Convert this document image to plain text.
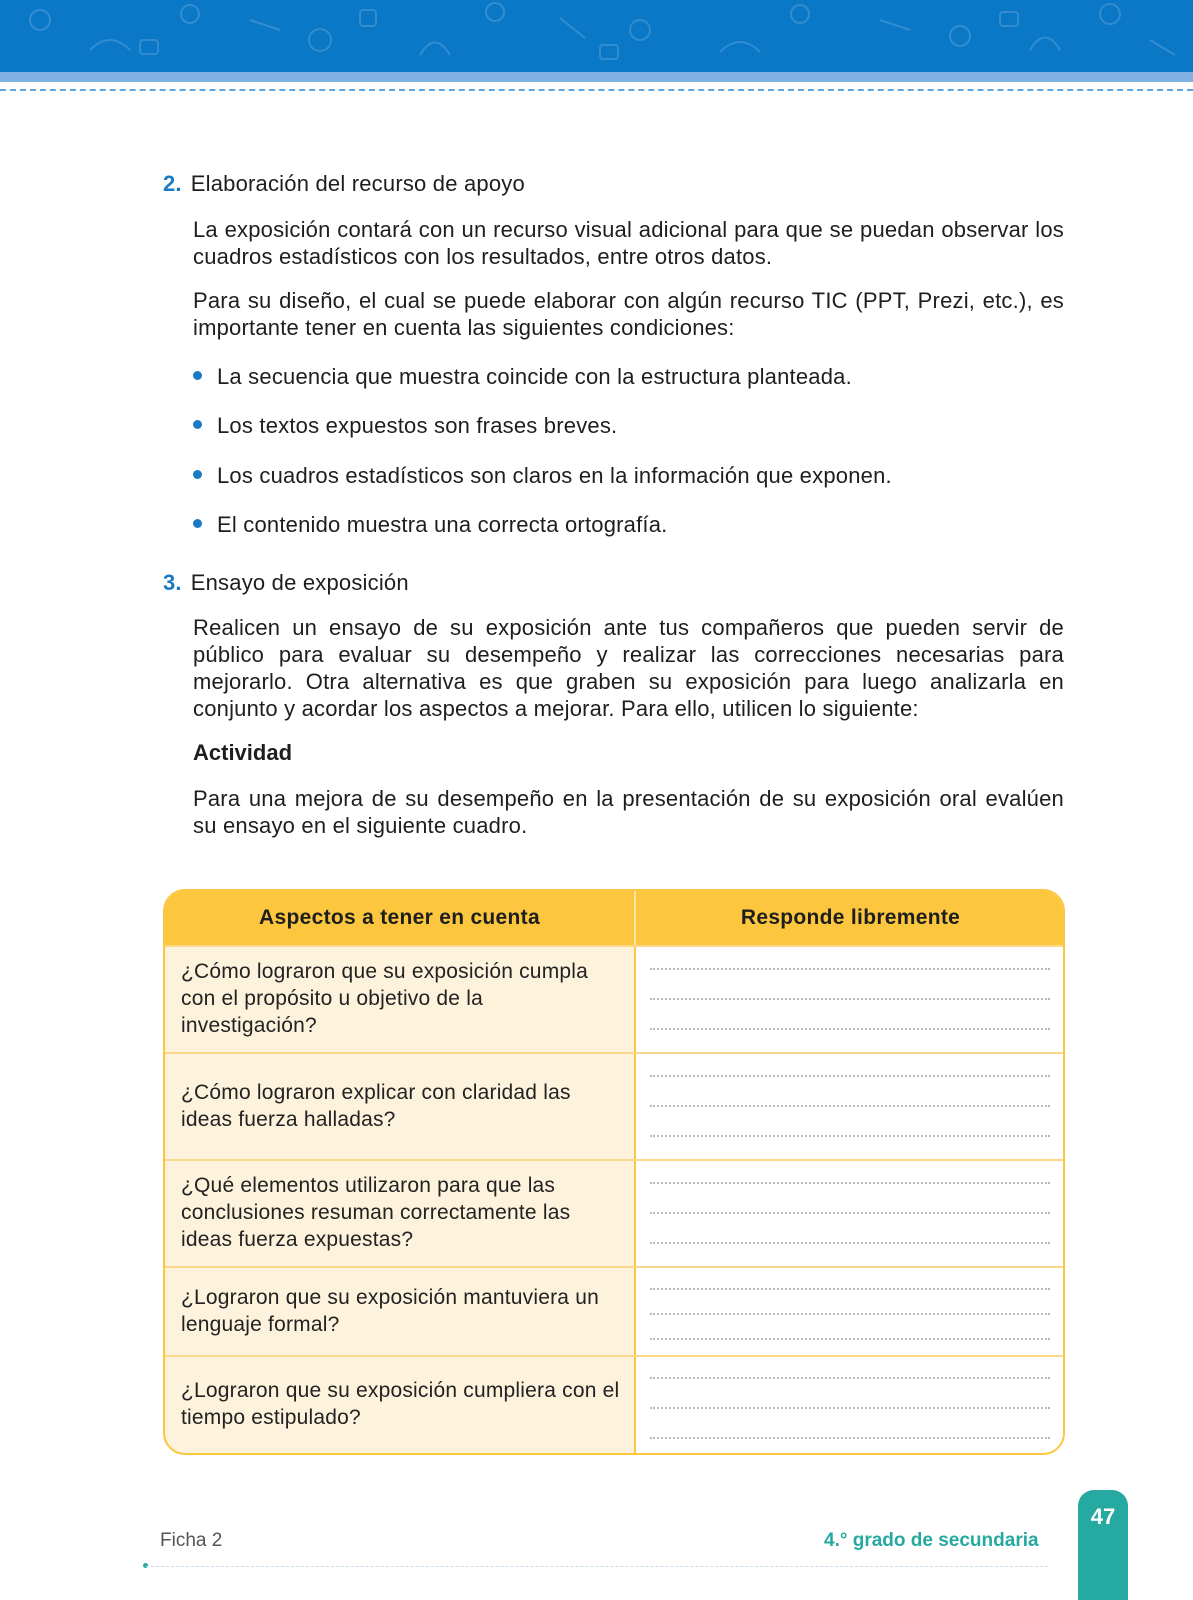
2. Elaboración del recurso de apoyo
La exposición contará con un recurso visual adicional para que se puedan observar los cuadros estadísticos con los resultados, entre otros datos.
Para su diseño, el cual se puede elaborar con algún recurso TIC (PPT, Prezi, etc.), es importante tener en cuenta las siguientes condiciones:
La secuencia que muestra coincide con la estructura planteada.
Los textos expuestos son frases breves.
Los cuadros estadísticos son claros en la información que exponen.
El contenido muestra una correcta ortografía.
3. Ensayo de exposición
Realicen un ensayo de su exposición ante tus compañeros que pueden servir de público para evaluar su desempeño y realizar las correcciones necesarias para mejorarlo. Otra alternativa es que graben su exposición para luego analizarla en conjunto y acordar los aspectos a mejorar. Para ello, utilicen lo siguiente:
Actividad
Para una mejora de su desempeño en la presentación de su exposición oral evalúen su ensayo en el siguiente cuadro.
Aspectos a tener en cuenta	Responde libremente
¿Cómo lograron que su exposición cumpla con el propósito u objetivo de la investigación?
¿Cómo lograron explicar con claridad las ideas fuerza halladas?
¿Qué elementos utilizaron para que las conclusiones resuman correctamente las ideas fuerza expuestas?
¿Lograron que su exposición mantuviera un lenguaje formal?
¿Lograron que su exposición cumpliera con el tiempo estipulado?
Ficha 2	4.° grado de secundaria
47
